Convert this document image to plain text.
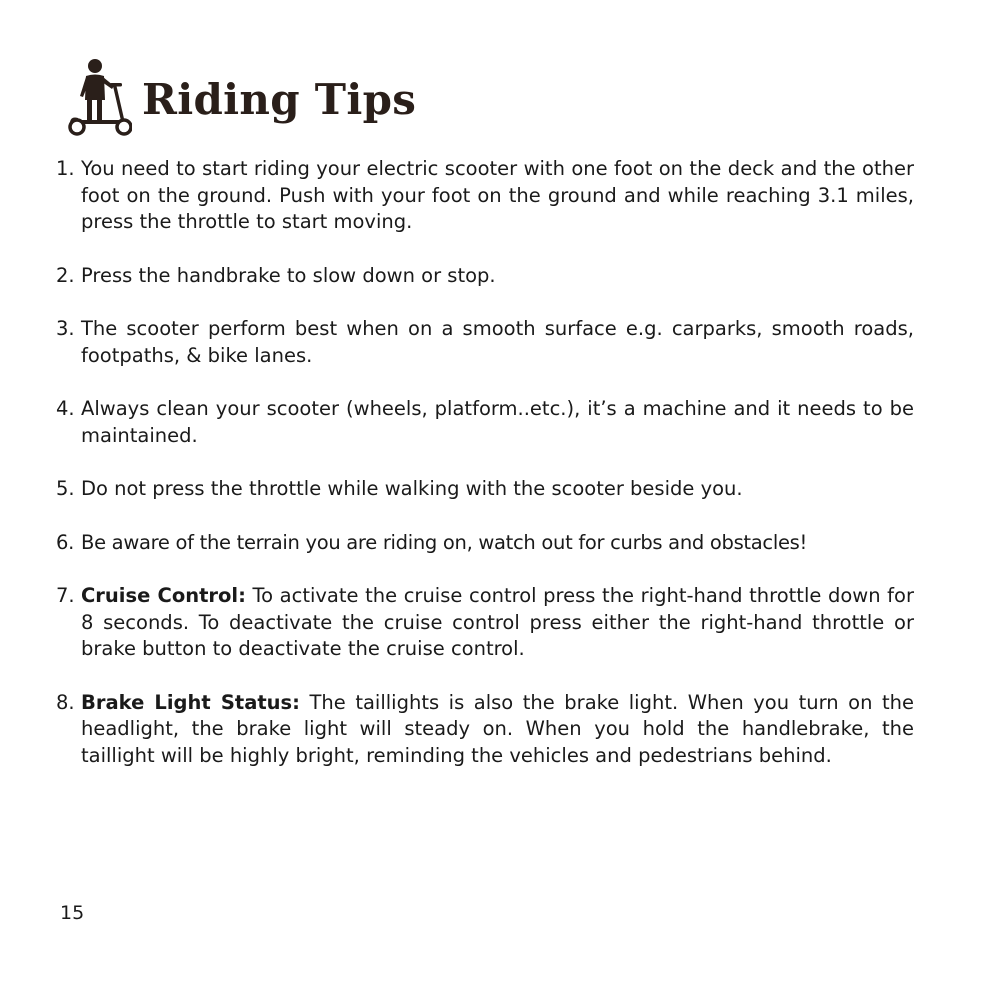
Riding Tips
1. You need to start riding your electric scooter with one foot on the deck and the other foot on the ground. Push with your foot on the ground and while reaching 3.1 miles, press the throttle to start moving.
2. Press the handbrake to slow down or stop.
3. The scooter perform best when on a smooth surface e.g. carparks, smooth roads, footpaths, & bike lanes.
4. Always clean your scooter (wheels, platform..etc.), it’s a machine and it needs to be maintained.
5. Do not press the throttle while walking with the scooter beside you.
6. Be aware of the terrain you are riding on, watch out for curbs and obstacles!
7. Cruise Control: To activate the cruise control press the right-hand throttle down for 8 seconds. To deactivate the cruise control press either the right-hand throttle or brake button to deactivate the cruise control.
8. Brake Light Status: The taillights is also the brake light. When you turn on the headlight, the brake light will steady on. When you hold the handlebrake, the taillight will be highly bright, reminding the vehicles and pedestrians behind.
15
